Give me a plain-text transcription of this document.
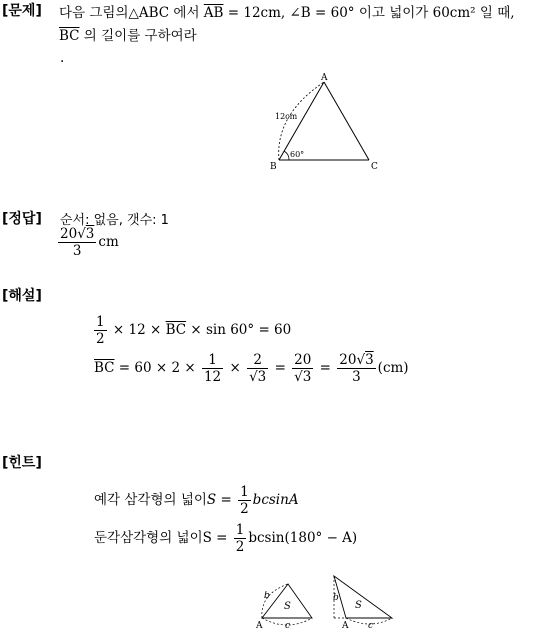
[문제] 다음 그림의△ABC 에서 $\overline{AB} = 12cm$, ∠B = 60° 이고 넓이가 60cm² 일 때,
$\overline{BC}$ 의 길이를 구하여라
.
A
B	C
12cm
60°
[정답] 순서: 없음, 갯수: 1
$\frac{20√3}{3}$ cm
[해설]
$\frac{1}{2} \times 12 \times \overline{BC} \times \sin 60^\circ = 60$
$\overline{BC} = 60 \times 2 \times \frac{1}{12} \times \frac{2}{√3} = \frac{20}{√3} = \frac{20√3}{3} (cm)$
[힌트]
예각 삼각형의 넓이$S = \frac{1}{2}$ bcsinA
둔각삼각형의 넓이$S = \frac{1}{2} bcsin(180^\circ - A)$
b
S
A	c
b
S
A c
